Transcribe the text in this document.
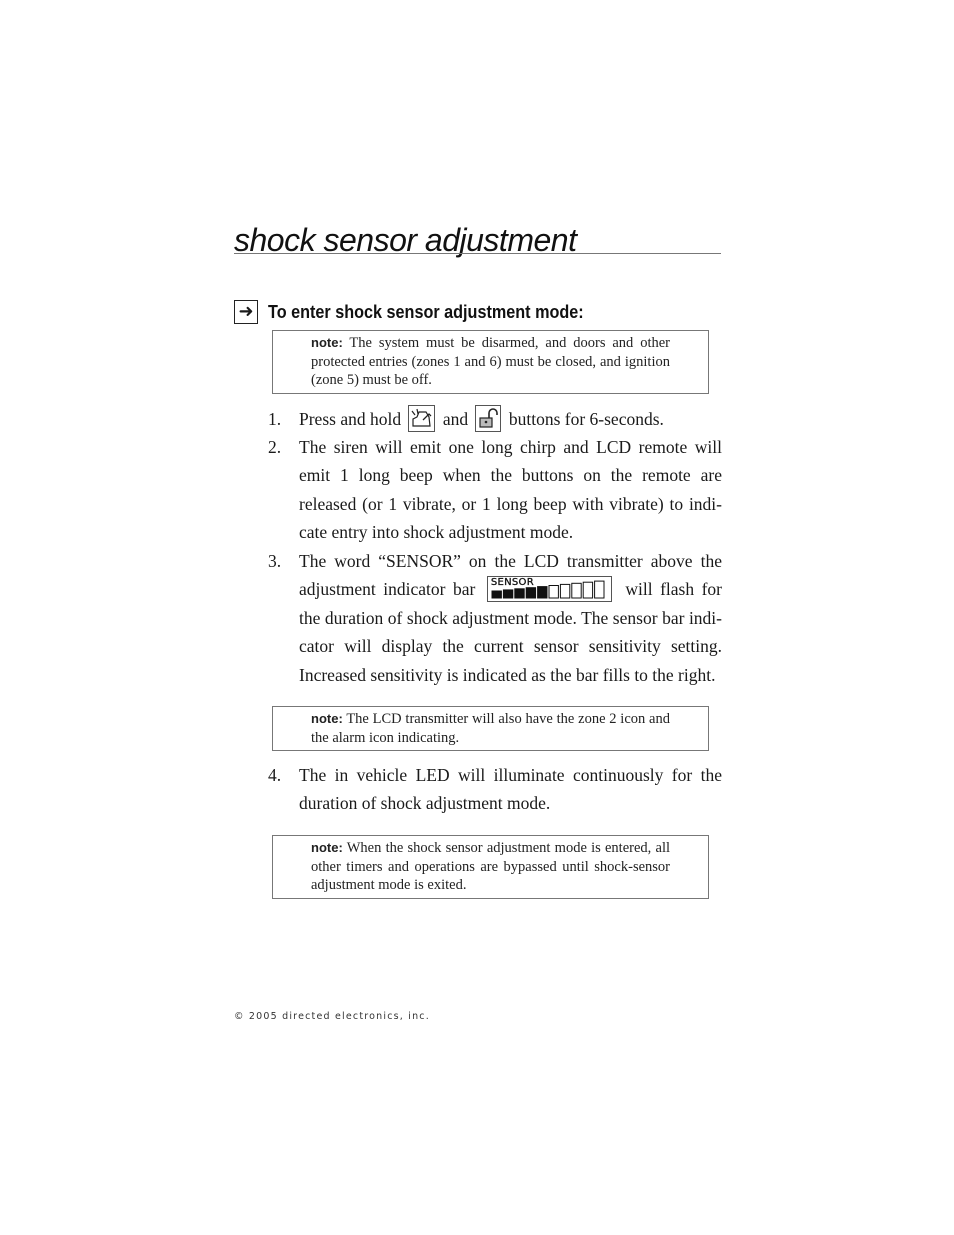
shock sensor adjustment
➜ To enter shock sensor adjustment mode:
note: The system must be disarmed, and doors and other protected entries (zones 1 and 6) must be closed, and ignition (zone 5) must be off.
1. Press and hold and buttons for 6-seconds.
2. The siren will emit one long chirp and LCD remote will emit 1 long beep when the buttons on the remote are released (or 1 vibrate, or 1 long beep with vibrate) to indi-cate entry into shock adjustment mode.
3. The word “SENSOR” on the LCD transmitter above the adjustment indicator bar SENSOR	will flash for the duration of shock adjustment mode. The sensor bar indi-cator will display the current sensor sensitivity setting. Increased sensitivity is indicated as the bar fills to the right.
note: The LCD transmitter will also have the zone 2 icon and the alarm icon indicating.
4. The in vehicle LED will illuminate continuously for the duration of shock adjustment mode.
note: When the shock sensor adjustment mode is entered, all other timers and operations are bypassed until shock-sensor adjustment mode is exited.
© 2005 directed electronics, inc.
